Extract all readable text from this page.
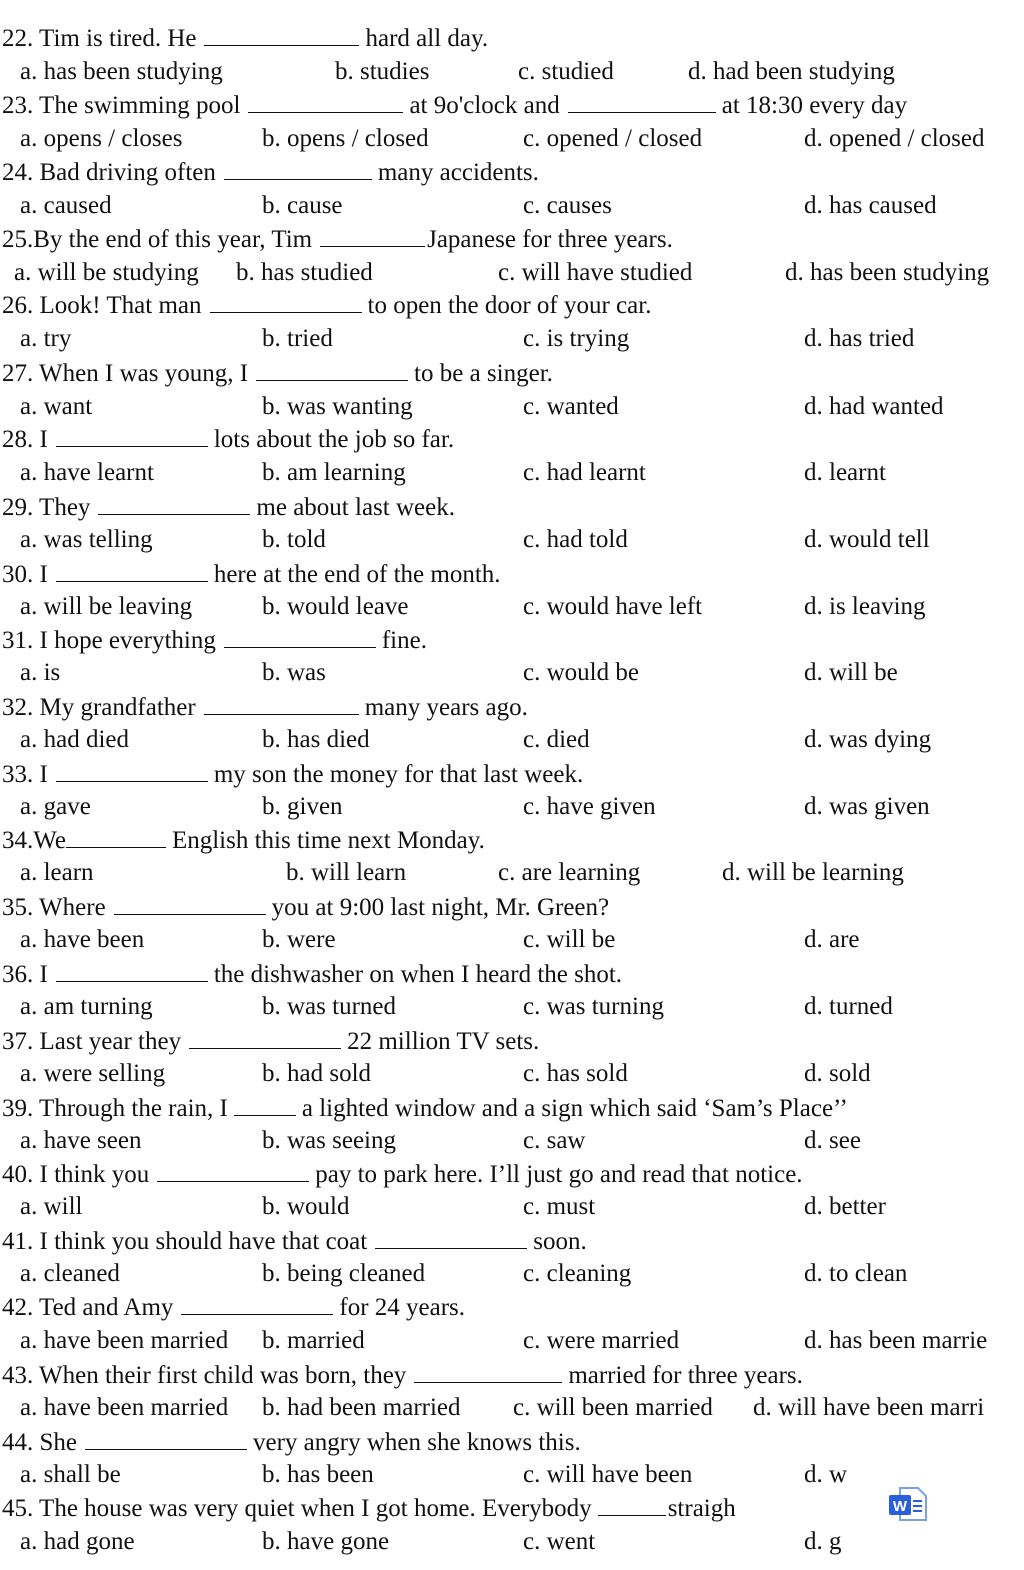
22. Tim is tired. He	hard all day.
a. has been studying	b. studies	c. studied	d. had been studying
23. The swimming pool	at 9o'clock and	at 18:30 every day
a. opens / closes	b. opens / closed	c. opened / closed	d. opened / closed
24. Bad driving often	many accidents.
a. caused	b. cause	c. causes	d. has caused
25.By the end of this year, Tim	Japanese for three years.
a. will be studying b. has studied	c. will have studied	d. has been studying
26. Look! That man	to open the door of your car.
a. try	b. tried	c. is trying	d. has tried
27. When I was young, I	to be a singer.
a. want	b. was wanting	c. wanted	d. had wanted
28. I	lots about the job so far.
a. have learnt	b. am learning	c. had learnt	d. learnt
29. They	me about last week.
a. was telling	b. told	c. had told	d. would tell
30. I	here at the end of the month.
a. will be leaving	b. would leave	c. would have left	d. is leaving
31. I hope everything	fine.
a. is	b. was	c. would be	d. will be
32. My grandfather	many years ago.
a. had died	b. has died	c. died	d. was dying
33. I	my son the money for that last week.
a. gave	b. given	c. have given	d. was given
34.We	English this time next Monday.
a. learn	b. will learn	c. are learning	d. will be learning
35. Where	you at 9:00 last night, Mr. Green?
a. have been	b. were	c. will be	d. are
36. I	the dishwasher on when I heard the shot.
a. am turning	b. was turned	c. was turning	d. turned
37. Last year they	22 million TV sets.
a. were selling	b. had sold	c. has sold	d. sold
39. Through the rain, I	a lighted window and a sign which said ‘Sam’s Place’’
a. have seen	b. was seeing	c. saw	d. see
40. I think you	pay to park here. I’ll just go and read that notice.
a. will	b. would	c. must	d. better
41. I think you should have that coat	soon.
a. cleaned	b. being cleaned	c. cleaning	d. to clean
42. Ted and Amy	for 24 years.
a. have been married b. married	c. were married	d. has been marrie
43. When their first child was born, they	married for three years.
a. have been married b. had been married c. will been married d. will have been marri
44. She	very angry when she knows this.
a. shall be	b. has been	c. will have been	d. w
45. The house was very quiet when I got home. Everybody	straigh
a. had gone	b. have gone	c. went	d. g
W
